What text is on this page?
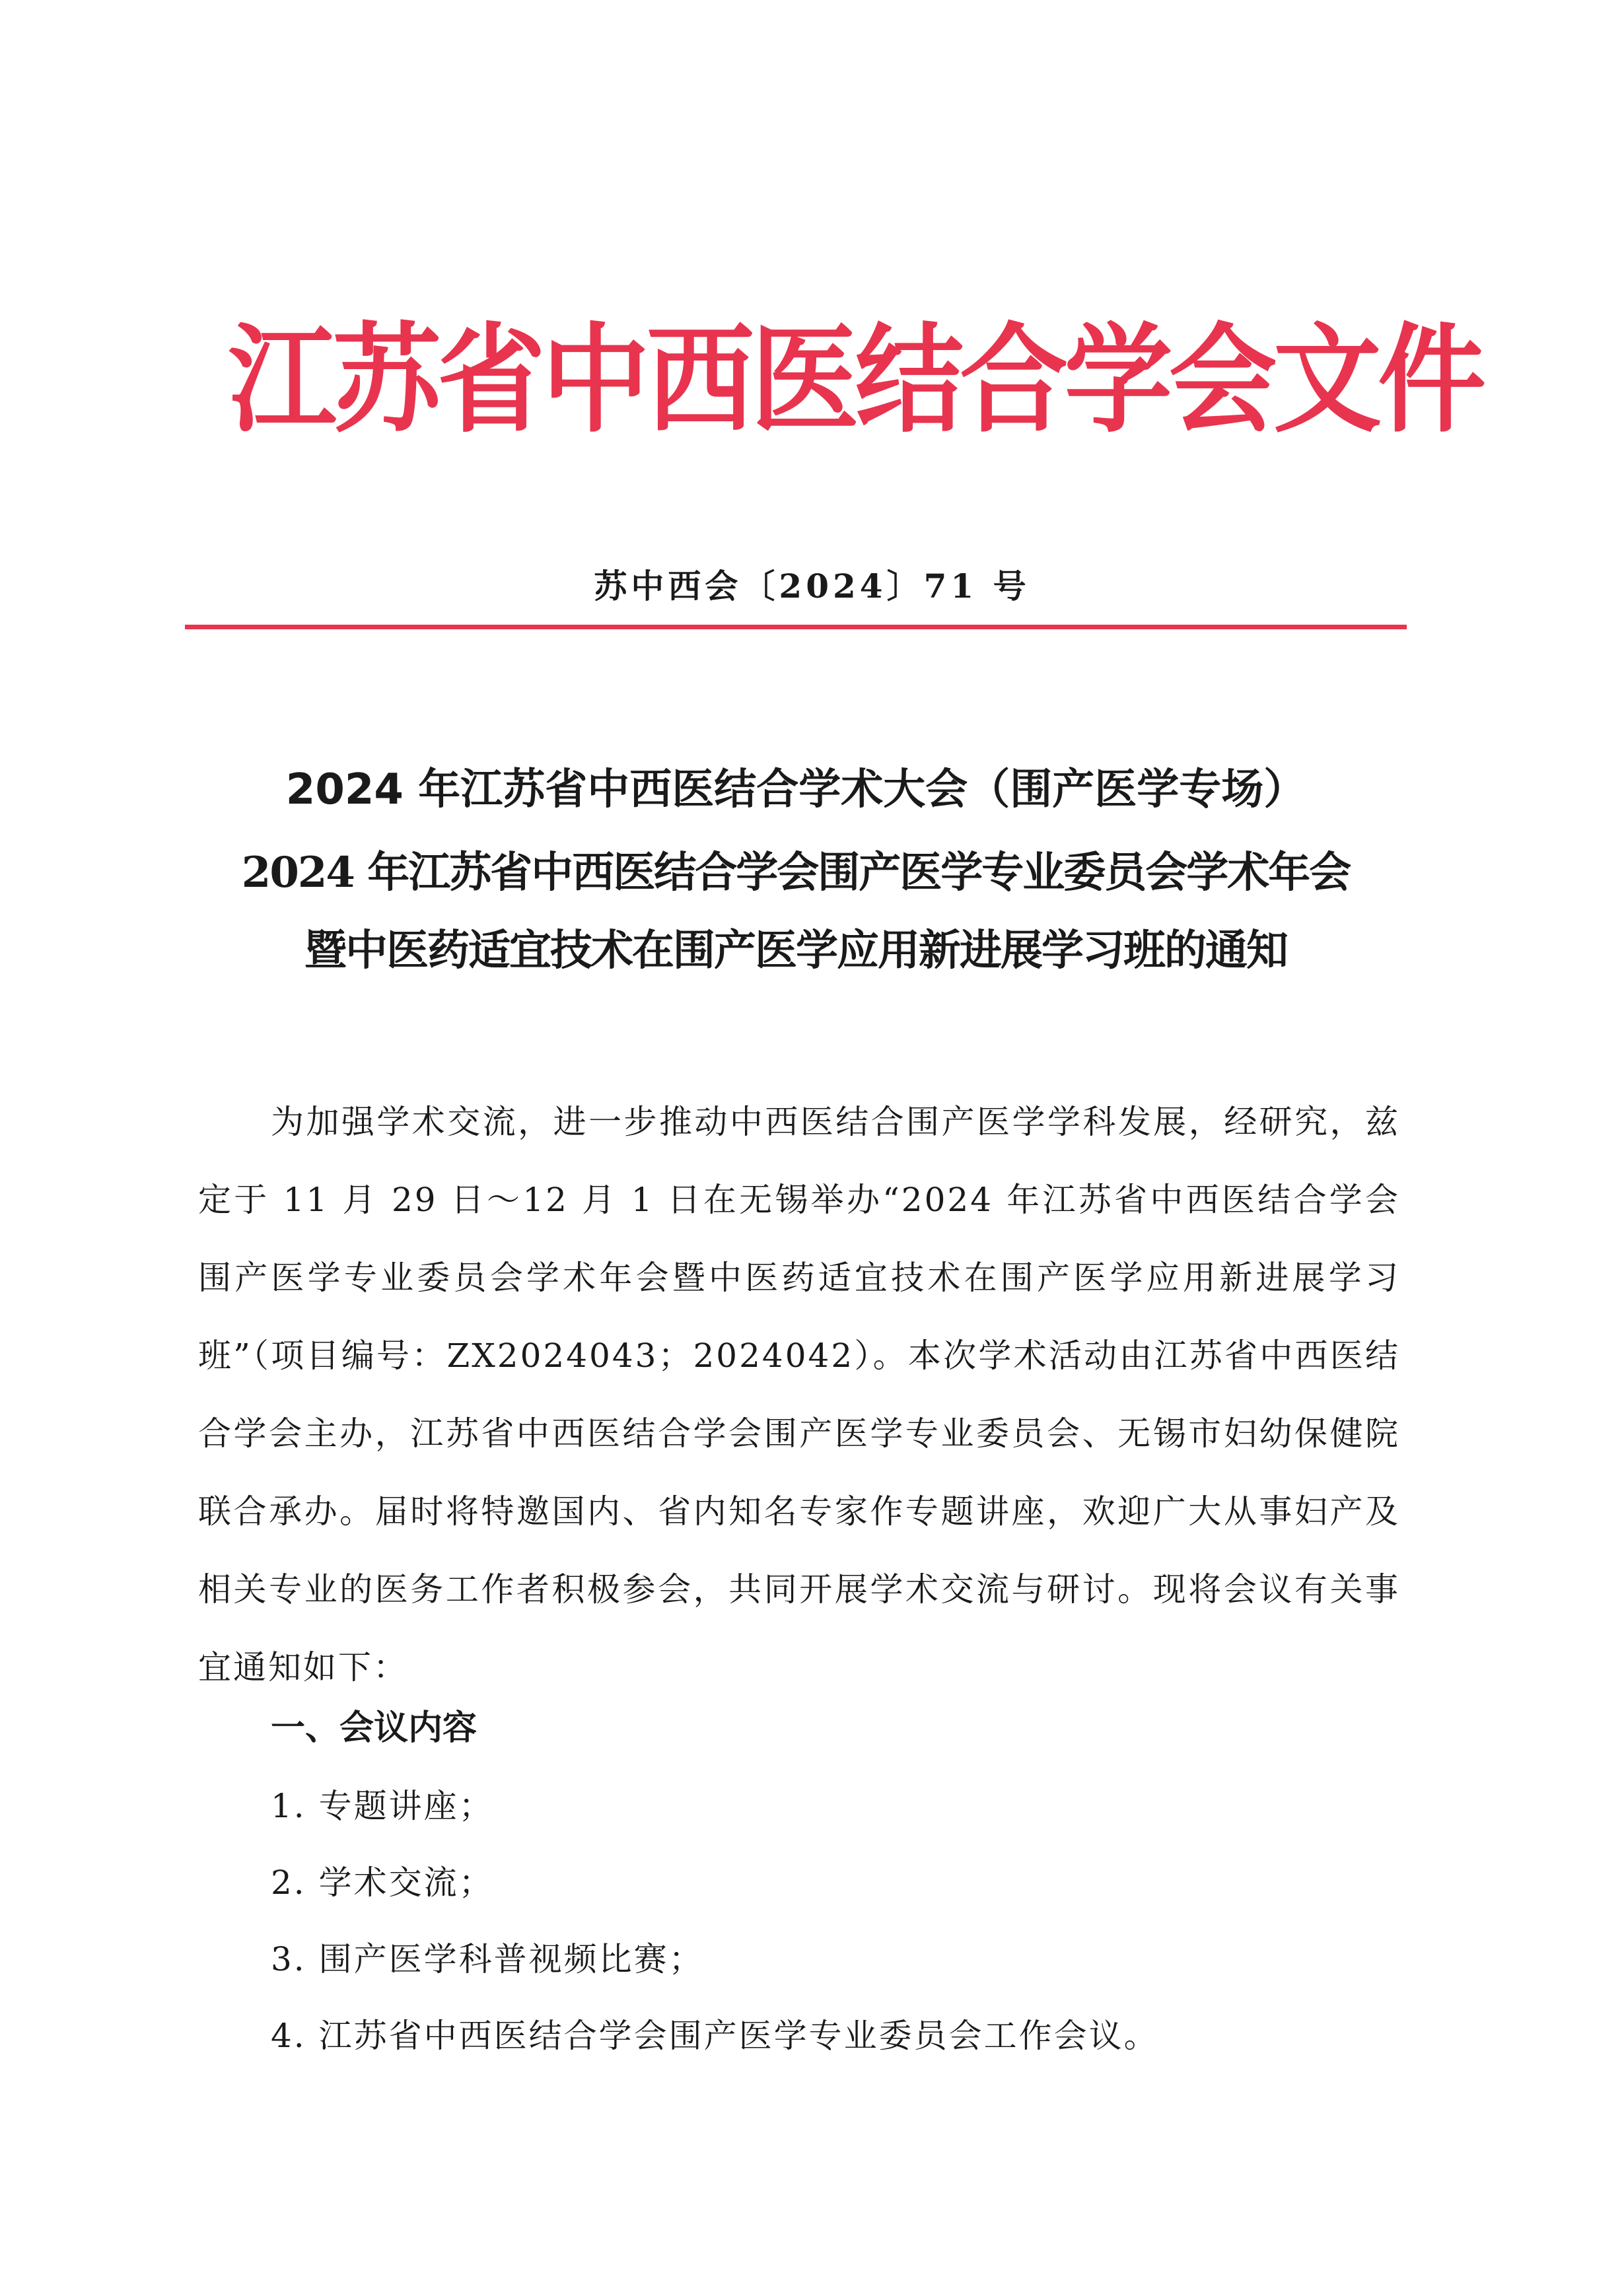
江苏省中西医结合学会文件
苏中西会〔2024〕71 号
2024 年江苏省中西医结合学术大会（围产医学专场）
2024 年江苏省中西医结合学会围产医学专业委员会学术年会
暨中医药适宜技术在围产医学应用新进展学习班的通知

为加强学术交流，进一步推动中西医结合围产医学学科发展，经研究，兹定于 11 月 29 日～12 月 1 日在无锡举办“2024 年江苏省中西医结合学会围产医学专业委员会学术年会暨中医药适宜技术在围产医学应用新进展学习班”（项目编号：ZX2024043；2024042）。本次学术活动由江苏省中西医结合学会主办，江苏省中西医结合学会围产医学专业委员会、无锡市妇幼保健院联合承办。届时将特邀国内、省内知名专家作专题讲座，欢迎广大从事妇产及相关专业的医务工作者积极参会，共同开展学术交流与研讨。现将会议有关事宜通知如下：

一、会议内容
1. 专题讲座；
2. 学术交流；
3. 围产医学科普视频比赛；
4. 江苏省中西医结合学会围产医学专业委员会工作会议。
